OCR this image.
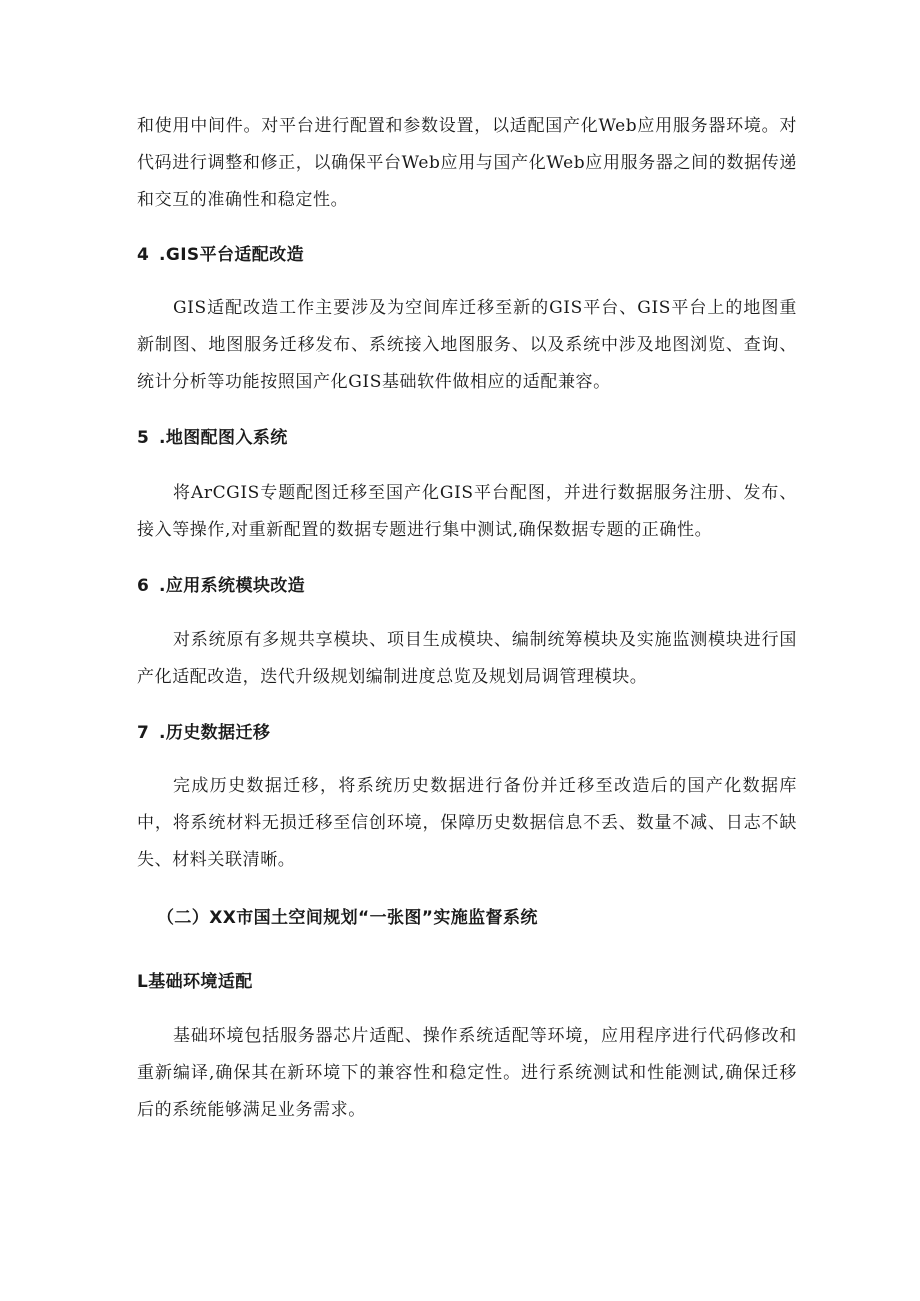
和使用中间件。对平台进行配置和参数设置，以适配国产化Web应用服务器环境。对代码进行调整和修正，以确保平台Web应用与国产化Web应用服务器之间的数据传递和交互的准确性和稳定性。
4 .GIS平台适配改造
GIS适配改造工作主要涉及为空间库迁移至新的GIS平台、GIS平台上的地图重新制图、地图服务迁移发布、系统接入地图服务、以及系统中涉及地图浏览、查询、统计分析等功能按照国产化GIS基础软件做相应的适配兼容。
5 .地图配图入系统
将ArCGIS专题配图迁移至国产化GIS平台配图，并进行数据服务注册、发布、接入等操作,对重新配置的数据专题进行集中测试,确保数据专题的正确性。
6 .应用系统模块改造
对系统原有多规共享模块、项目生成模块、编制统筹模块及实施监测模块进行国产化适配改造，迭代升级规划编制进度总览及规划局调管理模块。
7 .历史数据迁移
完成历史数据迁移，将系统历史数据进行备份并迁移至改造后的国产化数据库中，将系统材料无损迁移至信创环境，保障历史数据信息不丢、数量不减、日志不缺失、材料关联清晰。
（二）XX市国土空间规划“一张图”实施监督系统
L基础环境适配
基础环境包括服务器芯片适配、操作系统适配等环境，应用程序进行代码修改和重新编译,确保其在新环境下的兼容性和稳定性。进行系统测试和性能测试,确保迁移后的系统能够满足业务需求。
